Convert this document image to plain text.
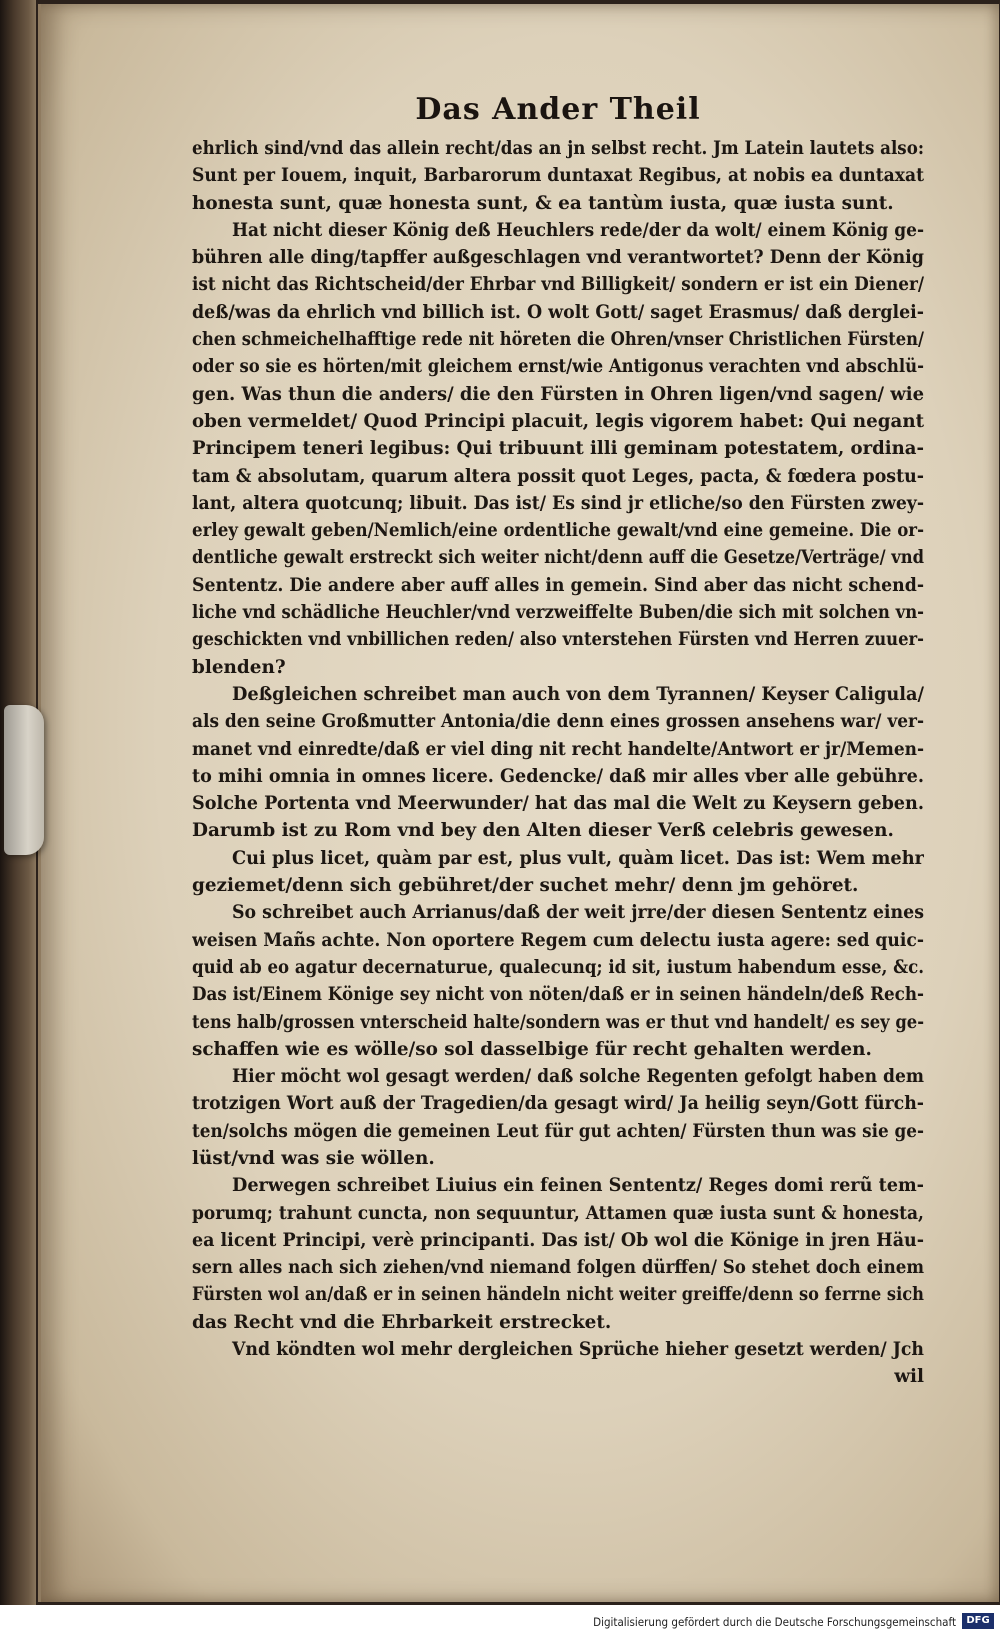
Das Ander Theil
ehrlich sind/vnd das allein recht/das an jn selbst recht. Jm Latein lautets also:
Sunt per Iouem, inquit, Barbarorum duntaxat Regibus, at nobis ea duntaxat
honesta sunt, quæ honesta sunt, & ea tantùm iusta, quæ iusta sunt.
Hat nicht dieser König deß Heuchlers rede/der da wolt/ einem König ge-
bühren alle ding/tapffer außgeschlagen vnd verantwortet? Denn der König
ist nicht das Richtscheid/der Ehrbar vnd Billigkeit/ sondern er ist ein Diener/
deß/was da ehrlich vnd billich ist. O wolt Gott/ saget Erasmus/ daß derglei-
chen schmeichelhafftige rede nit höreten die Ohren/vnser Christlichen Fürsten/
oder so sie es hörten/mit gleichem ernst/wie Antigonus verachten vnd abschlü-
gen. Was thun die anders/ die den Fürsten in Ohren ligen/vnd sagen/ wie
oben vermeldet/ Quod Principi placuit, legis vigorem habet: Qui negant
Principem teneri legibus: Qui tribuunt illi geminam potestatem, ordina-
tam & absolutam, quarum altera possit quot Leges, pacta, & fœdera postu-
lant, altera quotcunq; libuit. Das ist/ Es sind jr etliche/so den Fürsten zwey-
erley gewalt geben/Nemlich/eine ordentliche gewalt/vnd eine gemeine. Die or-
dentliche gewalt erstreckt sich weiter nicht/denn auff die Gesetze/Verträge/ vnd
Sententz. Die andere aber auff alles in gemein. Sind aber das nicht schend-
liche vnd schädliche Heuchler/vnd verzweiffelte Buben/die sich mit solchen vn-
geschickten vnd vnbillichen reden/ also vnterstehen Fürsten vnd Herren zuuer-
blenden?
Deßgleichen schreibet man auch von dem Tyrannen/ Keyser Caligula/
als den seine Großmutter Antonia/die denn eines grossen ansehens war/ ver-
manet vnd einredte/daß er viel ding nit recht handelte/Antwort er jr/Memen-
to mihi omnia in omnes licere. Gedencke/ daß mir alles vber alle gebühre.
Solche Portenta vnd Meerwunder/ hat das mal die Welt zu Keysern geben.
Darumb ist zu Rom vnd bey den Alten dieser Verß celebris gewesen.
Cui plus licet, quàm par est, plus vult, quàm licet. Das ist: Wem mehr
geziemet/denn sich gebühret/der suchet mehr/ denn jm gehöret.
So schreibet auch Arrianus/daß der weit jrre/der diesen Sententz eines
weisen Mañs achte. Non oportere Regem cum delectu iusta agere: sed quic-
quid ab eo agatur decernaturue, qualecunq; id sit, iustum habendum esse, &c.
Das ist/Einem Könige sey nicht von nöten/daß er in seinen händeln/deß Rech-
tens halb/grossen vnterscheid halte/sondern was er thut vnd handelt/ es sey ge-
schaffen wie es wölle/so sol dasselbige für recht gehalten werden.
Hier möcht wol gesagt werden/ daß solche Regenten gefolgt haben dem
trotzigen Wort auß der Tragedien/da gesagt wird/ Ja heilig seyn/Gott fürch-
ten/solchs mögen die gemeinen Leut für gut achten/ Fürsten thun was sie ge-
lüst/vnd was sie wöllen.
Derwegen schreibet Liuius ein feinen Sententz/ Reges domi rerũ tem-
porumq; trahunt cuncta, non sequuntur, Attamen quæ iusta sunt & honesta,
ea licent Principi, verè principanti. Das ist/ Ob wol die Könige in jren Häu-
sern alles nach sich ziehen/vnd niemand folgen dürffen/ So stehet doch einem
Fürsten wol an/daß er in seinen händeln nicht weiter greiffe/denn so ferrne sich
das Recht vnd die Ehrbarkeit erstrecket.
Vnd köndten wol mehr dergleichen Sprüche hieher gesetzt werden/ Jch
wil
Digitalisierung gefördert durch die Deutsche Forschungsgemeinschaft	DFG
